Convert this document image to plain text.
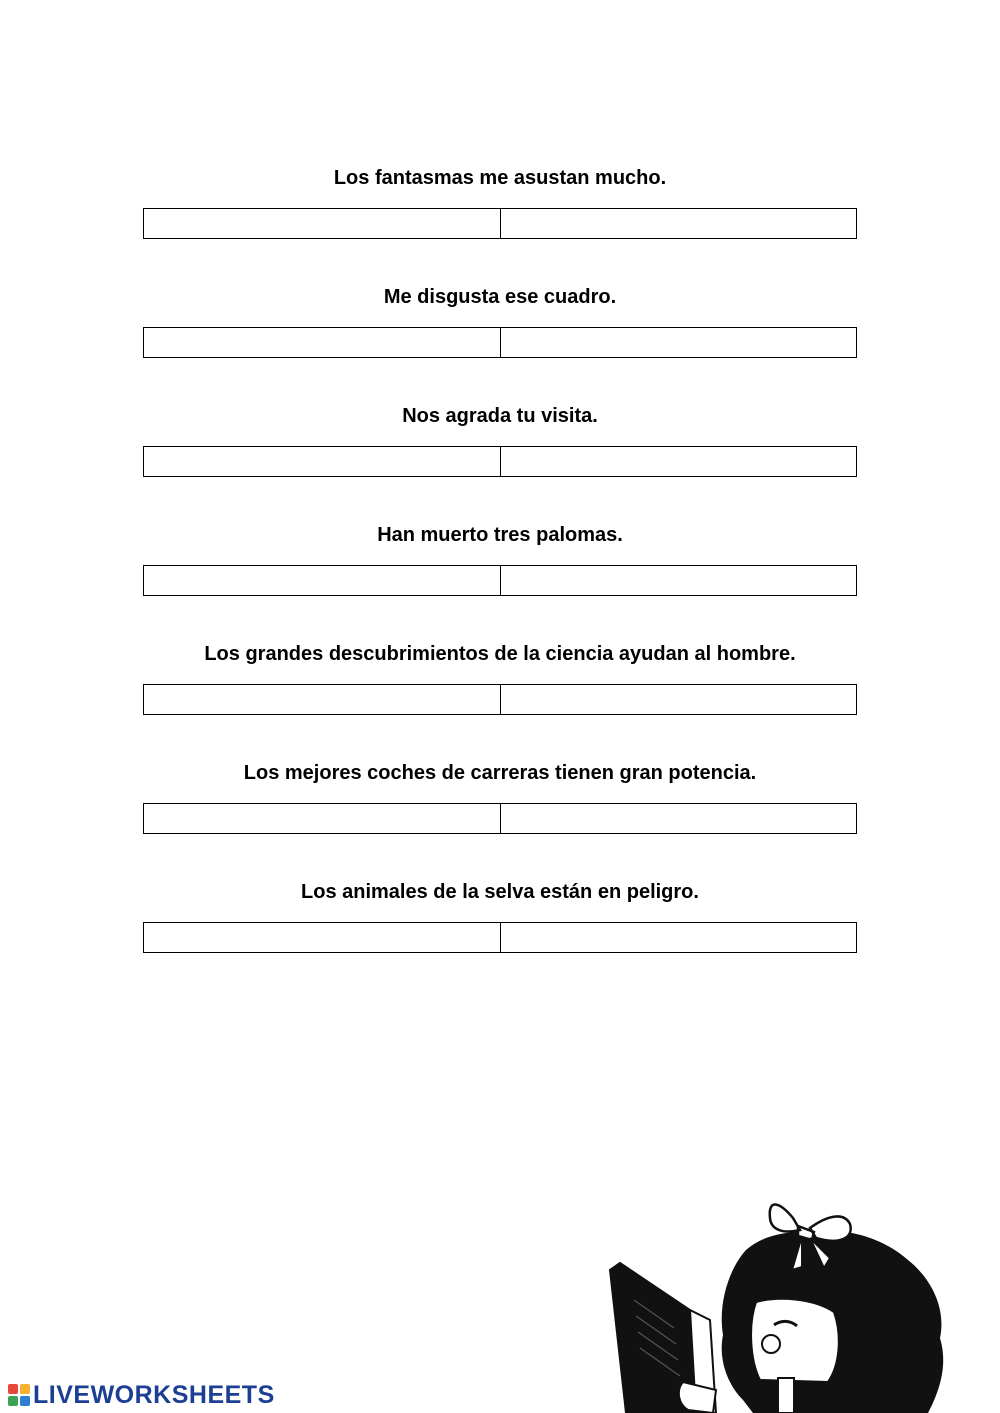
Los fantasmas me asustan mucho.
Me disgusta ese cuadro.
Nos agrada tu visita.
Han muerto tres palomas.
Los grandes descubrimientos de la ciencia ayudan al hombre.
Los mejores coches de carreras tienen gran potencia.
Los animales de la selva están en peligro.
LIVEWORKSHEETS
